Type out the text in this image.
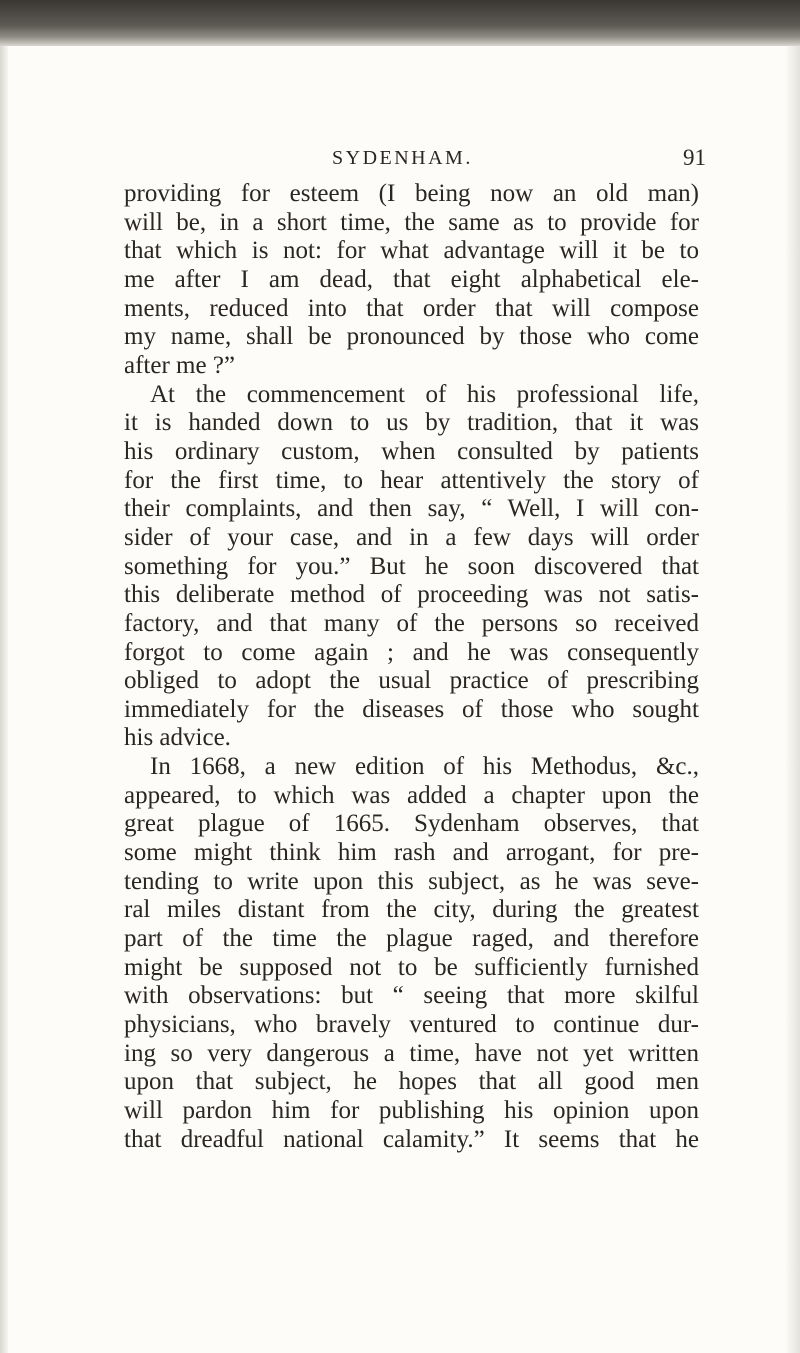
SYDENHAM.	91
providing for esteem (I being now an old man)
will be, in a short time, the same as to provide for
that which is not: for what advantage will it be to
me after I am dead, that eight alphabetical ele-
ments, reduced into that order that will compose
my name, shall be pronounced by those who come
after me ?”
At the commencement of his professional life,
it is handed down to us by tradition, that it was
his ordinary custom, when consulted by patients
for the first time, to hear attentively the story of
their complaints, and then say, “ Well, I will con-
sider of your case, and in a few days will order
something for you.” But he soon discovered that
this deliberate method of proceeding was not satis-
factory, and that many of the persons so received
forgot to come again ; and he was consequently
obliged to adopt the usual practice of prescribing
immediately for the diseases of those who sought
his advice.
In 1668, a new edition of his Methodus, &c.,
appeared, to which was added a chapter upon the
great plague of 1665. Sydenham observes, that
some might think him rash and arrogant, for pre-
tending to write upon this subject, as he was seve-
ral miles distant from the city, during the greatest
part of the time the plague raged, and therefore
might be supposed not to be sufficiently furnished
with observations: but “ seeing that more skilful
physicians, who bravely ventured to continue dur-
ing so very dangerous a time, have not yet written
upon that subject, he hopes that all good men
will pardon him for publishing his opinion upon
that dreadful national calamity.” It seems that he
